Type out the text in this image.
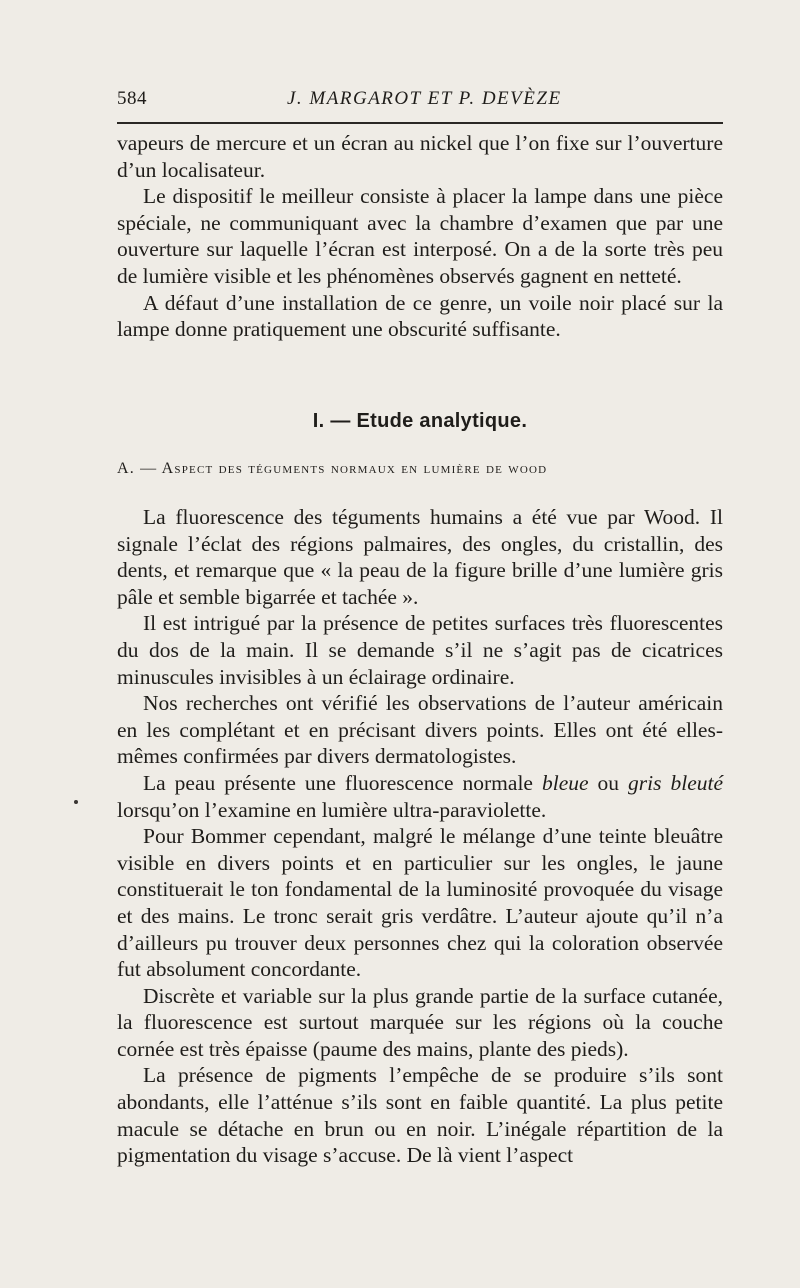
584	J. MARGAROT ET P. DEVÈZE

vapeurs de mercure et un écran au nickel que l’on fixe sur l’ouverture d’un localisateur.

Le dispositif le meilleur consiste à placer la lampe dans une pièce spéciale, ne communiquant avec la chambre d’examen que par une ouverture sur laquelle l’écran est interposé. On a de la sorte très peu de lumière visible et les phénomènes observés gagnent en netteté.

A défaut d’une installation de ce genre, un voile noir placé sur la lampe donne pratiquement une obscurité suffisante.

I. — Etude analytique.
A. — Aspect des téguments normaux en lumière de wood

La fluorescence des téguments humains a été vue par Wood. Il signale l’éclat des régions palmaires, des ongles, du cristallin, des dents, et remarque que « la peau de la figure brille d’une lumière gris pâle et semble bigarrée et tachée ».

Il est intrigué par la présence de petites surfaces très fluorescentes du dos de la main. Il se demande s’il ne s’agit pas de cicatrices minuscules invisibles à un éclairage ordinaire.

Nos recherches ont vérifié les observations de l’auteur américain en les complétant et en précisant divers points. Elles ont été elles-mêmes confirmées par divers dermatologistes.

La peau présente une fluorescence normale bleue ou gris bleuté lorsqu’on l’examine en lumière ultra-paraviolette.

Pour Bommer cependant, malgré le mélange d’une teinte bleuâtre visible en divers points et en particulier sur les ongles, le jaune constituerait le ton fondamental de la luminosité provoquée du visage et des mains. Le tronc serait gris verdâtre. L’auteur ajoute qu’il n’a d’ailleurs pu trouver deux personnes chez qui la coloration observée fut absolument concordante.

Discrète et variable sur la plus grande partie de la surface cutanée, la fluorescence est surtout marquée sur les régions où la couche cornée est très épaisse (paume des mains, plante des pieds).

La présence de pigments l’empêche de se produire s’ils sont abondants, elle l’atténue s’ils sont en faible quantité. La plus petite macule se détache en brun ou en noir. L’inégale répartition de la pigmentation du visage s’accuse. De là vient l’aspect
